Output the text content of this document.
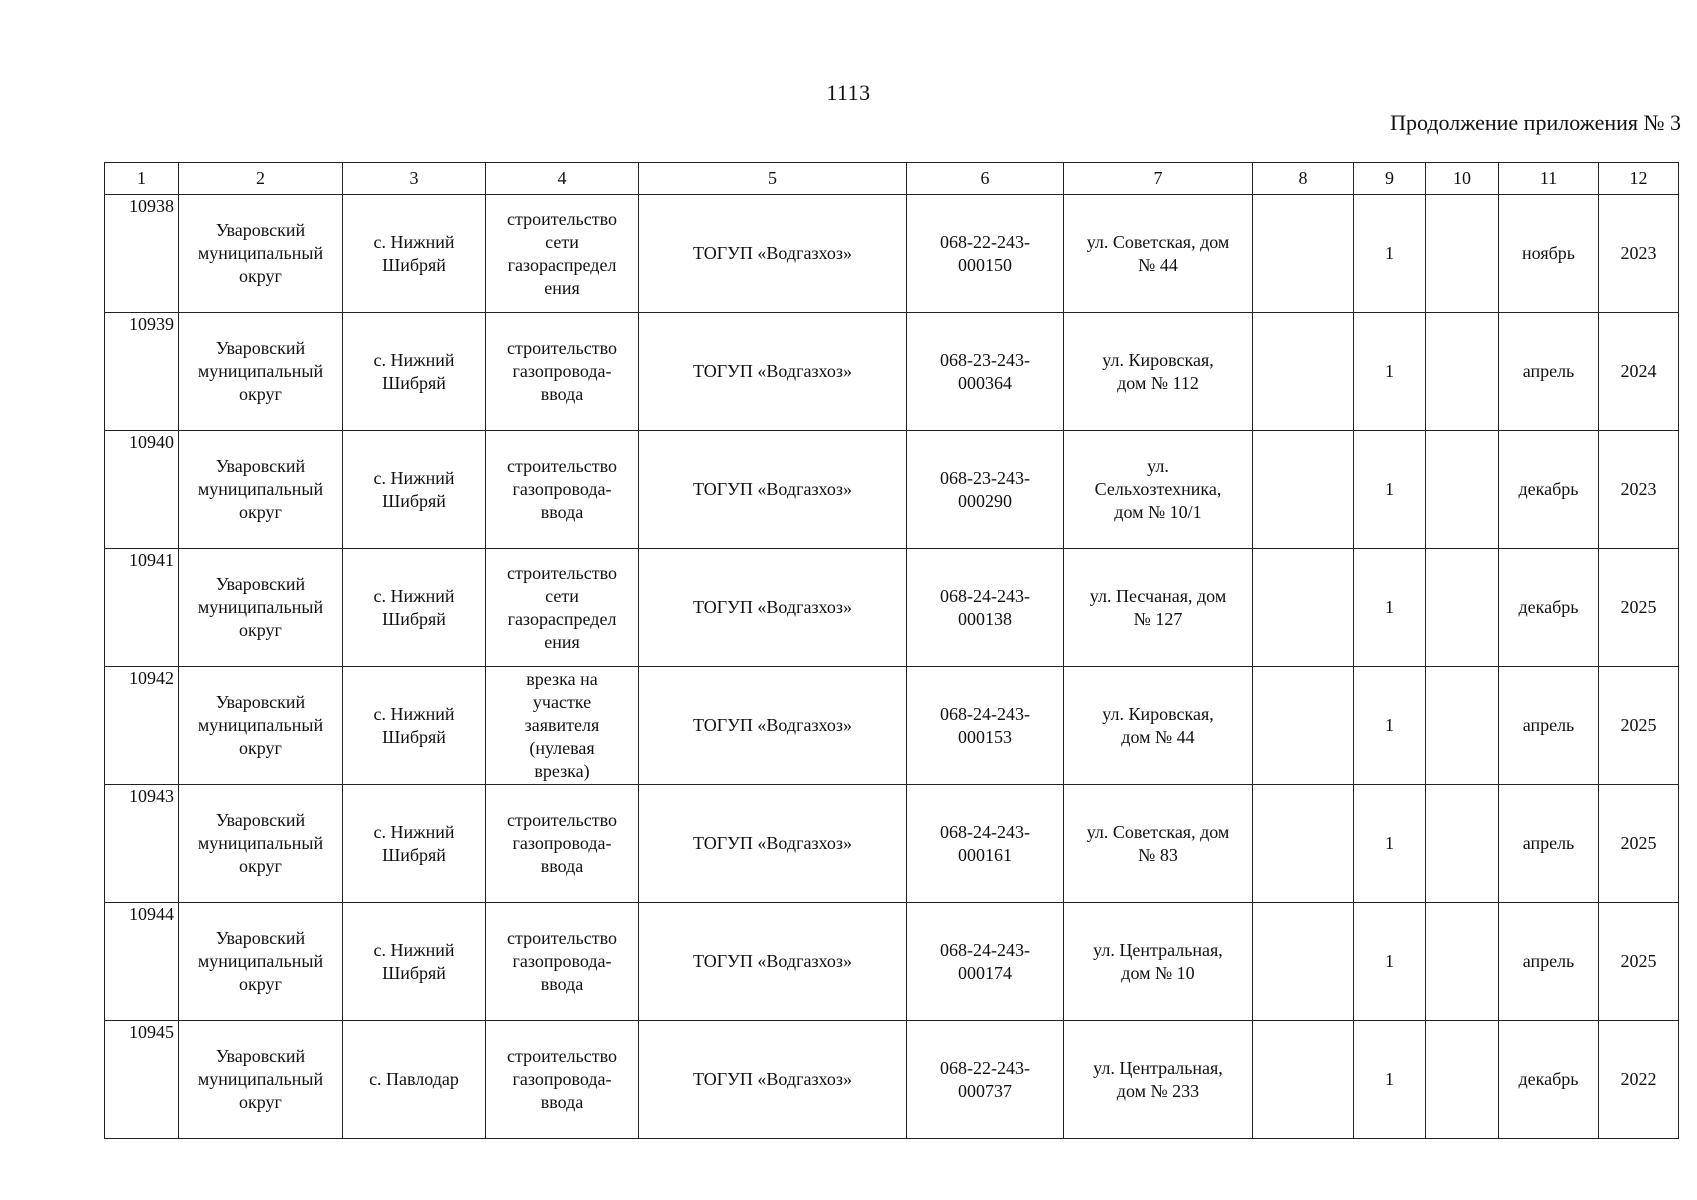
1113
Продолжение приложения № 3
1	2	3	4	5	6	7	8	9	10	11	12

10938	Уваровский
муниципальный
округ	с. Нижний
Шибряй	строительство
сети
газораспредел
ения	ТОГУП «Водгазхоз»	068-22-243-
000150	ул. Советская, дом
№ 44		1		ноябрь	2023

10939	Уваровский
муниципальный
округ	с. Нижний
Шибряй	строительство
газопровода-
ввода	ТОГУП «Водгазхоз»	068-23-243-
000364	ул. Кировская,
дом № 112		1		апрель	2024

10940	Уваровский
муниципальный
округ	с. Нижний
Шибряй	строительство
газопровода-
ввода	ТОГУП «Водгазхоз»	068-23-243-
000290	ул.
Сельхозтехника,
дом № 10/1		1		декабрь	2023

10941	Уваровский
муниципальный
округ	с. Нижний
Шибряй	строительство
сети
газораспредел
ения	ТОГУП «Водгазхоз»	068-24-243-
000138	ул. Песчаная, дом
№ 127		1		декабрь	2025

10942	Уваровский
муниципальный
округ	с. Нижний
Шибряй	врезка на
участке
заявителя
(нулевая
врезка)	ТОГУП «Водгазхоз»	068-24-243-
000153	ул. Кировская,
дом № 44		1		апрель	2025

10943	Уваровский
муниципальный
округ	с. Нижний
Шибряй	строительство
газопровода-
ввода	ТОГУП «Водгазхоз»	068-24-243-
000161	ул. Советская, дом
№ 83		1		апрель	2025

10944	Уваровский
муниципальный
округ	с. Нижний
Шибряй	строительство
газопровода-
ввода	ТОГУП «Водгазхоз»	068-24-243-
000174	ул. Центральная,
дом № 10		1		апрель	2025

10945	Уваровский
муниципальный
округ	с. Павлодар	строительство
газопровода-
ввода	ТОГУП «Водгазхоз»	068-22-243-
000737	ул. Центральная,
дом № 233		1		декабрь	2022
